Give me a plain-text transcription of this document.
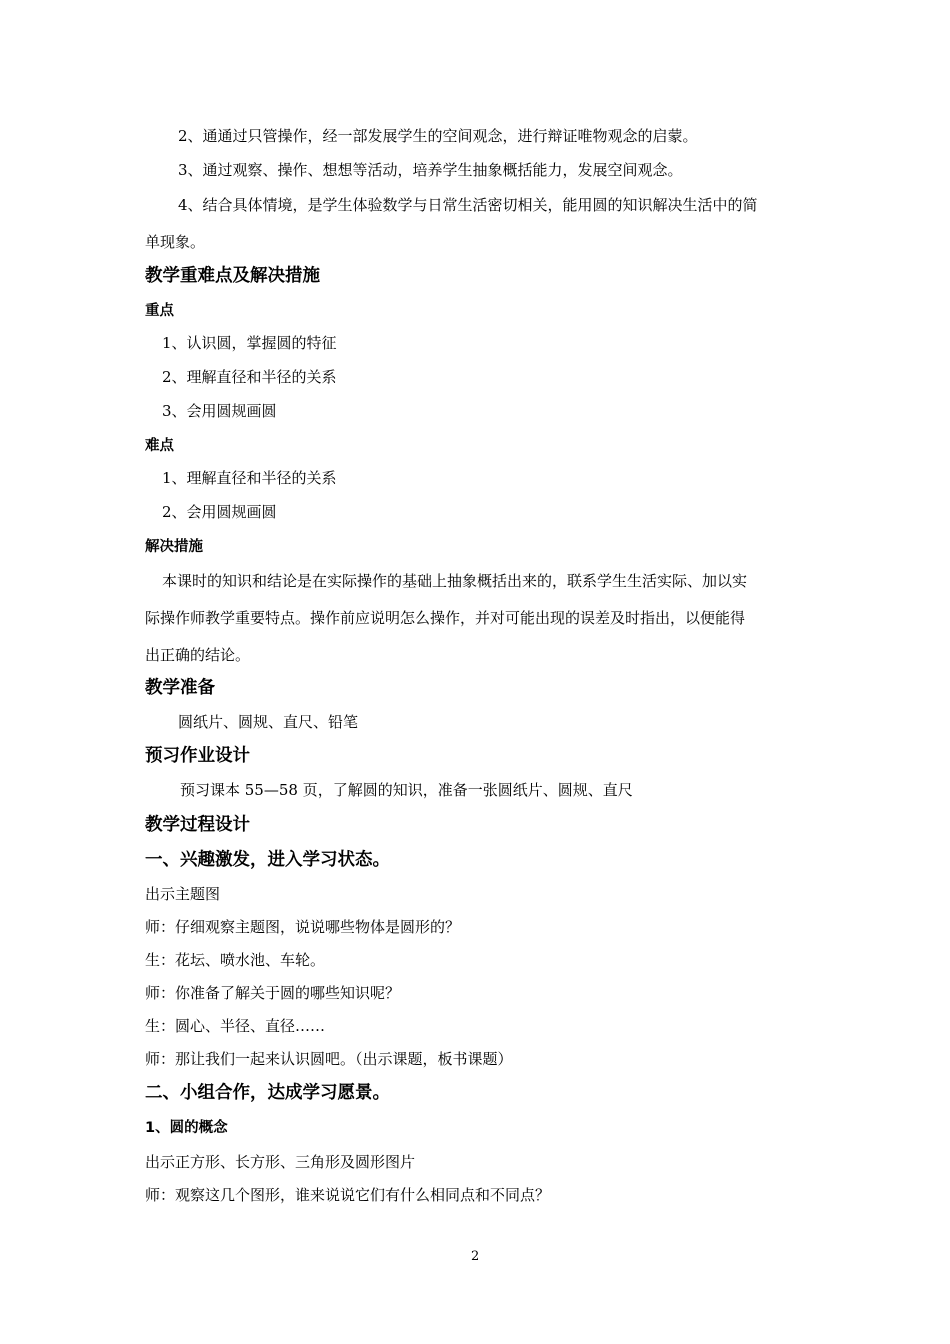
2、通通过只管操作，经一部发展学生的空间观念，进行辩证唯物观念的启蒙。
3、通过观察、操作、想想等活动，培养学生抽象概括能力，发展空间观念。
4、结合具体情境，是学生体验数学与日常生活密切相关，能用圆的知识解决生活中的简
单现象。
教学重难点及解决措施
重点
1、认识圆，掌握圆的特征
2、理解直径和半径的关系
3、会用圆规画圆
难点
1、理解直径和半径的关系
2、会用圆规画圆
解决措施
本课时的知识和结论是在实际操作的基础上抽象概括出来的，联系学生生活实际、加以实
际操作师教学重要特点。操作前应说明怎么操作，并对可能出现的误差及时指出，以便能得
出正确的结论。
教学准备
圆纸片、圆规、直尺、铅笔
预习作业设计
预习课本 55—58 页，了解圆的知识，准备一张圆纸片、圆规、直尺
教学过程设计
一、兴趣激发，进入学习状态。
出示主题图
师：仔细观察主题图，说说哪些物体是圆形的？
生：花坛、喷水池、车轮。
师：你准备了解关于圆的哪些知识呢？
生：圆心、半径、直径……
师：那让我们一起来认识圆吧。（出示课题，板书课题）
二、小组合作，达成学习愿景。
1、圆的概念
出示正方形、长方形、三角形及圆形图片
师：观察这几个图形，谁来说说它们有什么相同点和不同点？
2
